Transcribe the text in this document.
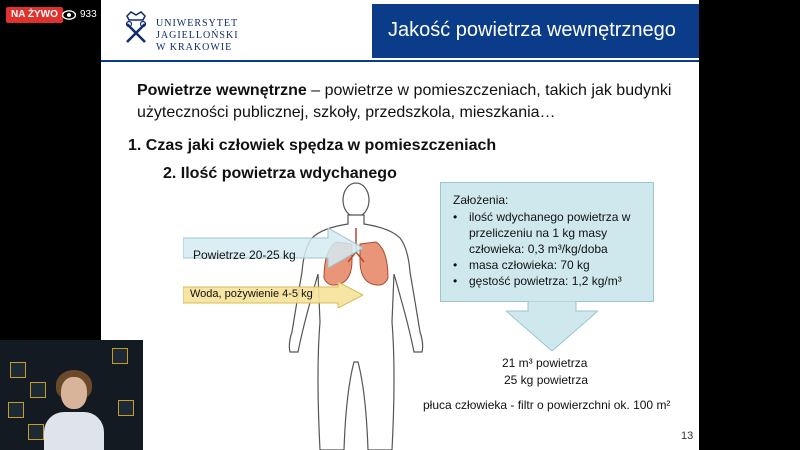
NA ŻYWO	933
UNIWERSYTET JAGIELLOŃSKI
W KRAKOWIE
Jakość powietrza wewnętrznego
Powietrze wewnętrzne – powietrze w pomieszczeniach, takich jak budynki użyteczności publicznej, szkoły, przedszkola, mieszkania…
1. Czas jaki człowiek spędza w pomieszczeniach
2. Ilość powietrza wdychanego
Powietrze 20-25 kg
Woda, pożywienie 4-5 kg
Założenia:
• ilość wdychanego powietrza w przeliczeniu na 1 kg masy człowieka: 0,3 m³/kg/doba
• masa człowieka: 70 kg
• gęstość powietrza: 1,2 kg/m³
21 m³ powietrza
25 kg powietrza
płuca człowieka - filtr o powierzchni ok. 100 m²
13
